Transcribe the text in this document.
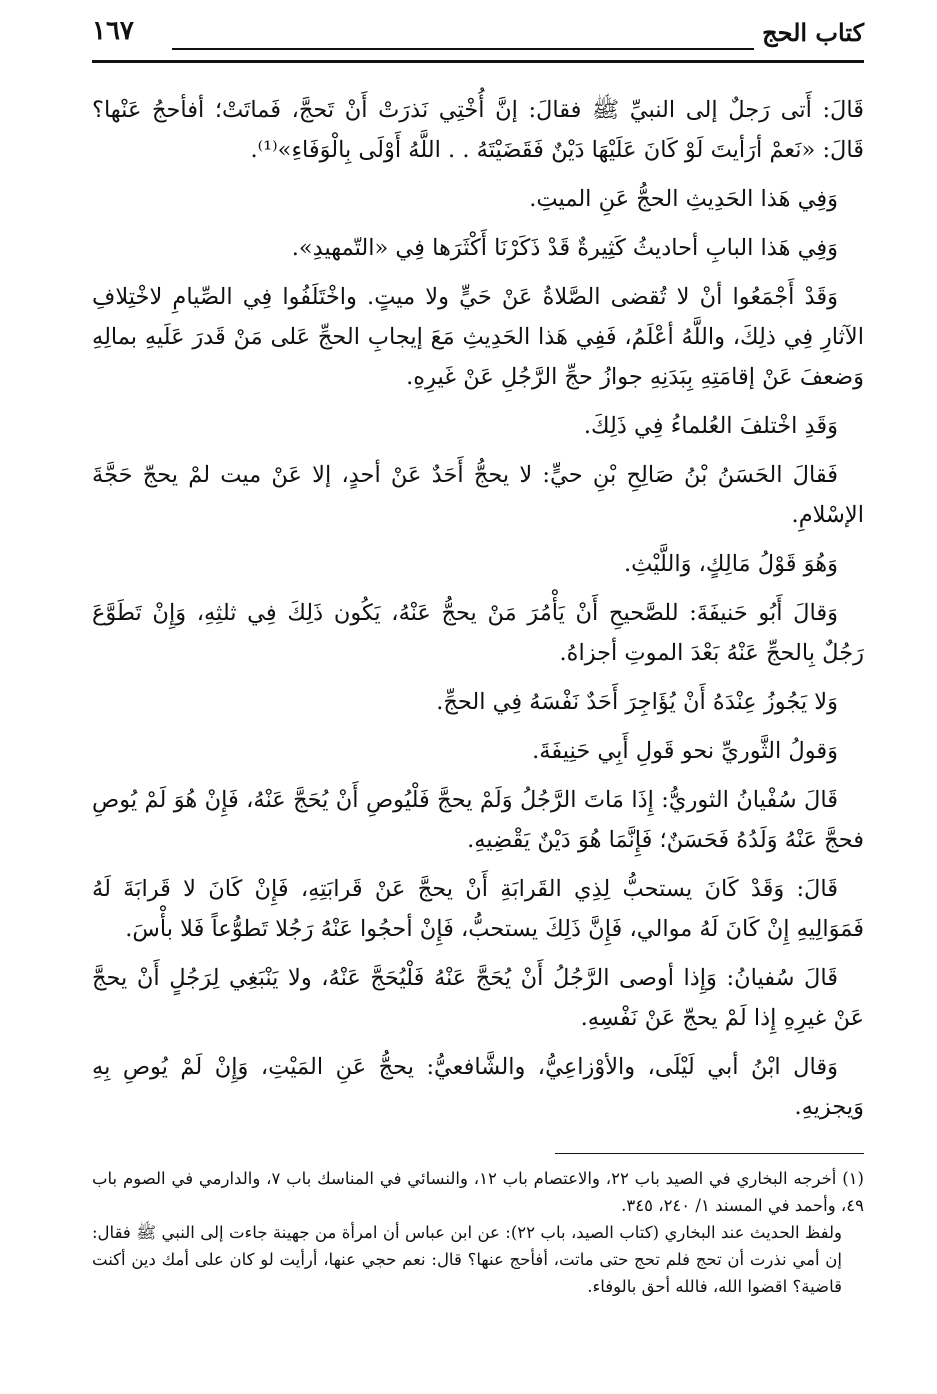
كتاب الحج
١٦٧

قَالَ: أَتى رَجلٌ إلى النبيِّ ﷺ فقالَ: إنَّ أُخْتِي نَذرَتْ أَنْ تَحجَّ، فَماتَتْ؛ أفأحجُ عَنْها؟ قَالَ: «نَعمْ أرَأيتَ لَوْ كَانَ عَلَيْهَا دَيْنٌ فَقَضَيْتَهُ . . اللَّهُ أَوْلَى بِالْوَفَاءِ»⁽¹⁾.

وَفِي هَذا الحَدِيثِ الحجُّ عَنِ الميتِ.

وَفِي هَذا البابِ أحاديثُ كَثِيرةٌ قَدْ ذَكَرْنَا أَكْثَرَها فِي «التّمهيدِ».

وَقَدْ أَجْمَعُوا أنْ لا تُقضى الصَّلاةُ عَنْ حَيٍّ ولا ميتٍ. واخْتَلَفُوا فِي الصِّيامِ لاخْتِلافِ الآثارِ فِي ذلِكَ، واللَّهُ أعْلَمُ، فَفِي هَذا الحَدِيثِ مَعَ إيجابِ الحجِّ عَلى مَنْ قَدرَ عَلَيهِ بمالِهِ وَضعفَ عَنْ إقامَتِهِ بِبَدَنِهِ جوازُ حجِّ الرَّجُلِ عَنْ غَيرِهِ.

وَقَدِ اخْتلفَ العُلماءُ فِي ذَلِكَ.

فَقالَ الحَسَنُ بْنُ صَالِحِ بْنِ حيٍّ: لا يحجُّ أَحَدٌ عَنْ أحدٍ، إلا عَنْ ميت لمْ يحجّ حَجَّةَ الإسْلامِ.

وَهُوَ قَوْلُ مَالِكٍ، وَاللَّيْثِ.

وَقالَ أَبُو حَنيفَةَ: للصَّحيحِ أَنْ يَأْمُرَ مَنْ يحجُّ عَنْهُ، يَكُون ذَلِكَ فِي ثلثِهِ، وَإِنْ تَطَوَّعَ رَجُلٌ بِالحجِّ عَنْهُ بَعْدَ الموتِ أجزاهُ.

وَلا يَجُوزُ عِنْدَهُ أَنْ يُؤَاجِرَ أَحَدٌ نَفْسَهُ فِي الحجِّ.

وَقولُ الثَّوريِّ نحو قَولِ أَبِي حَنِيفَةَ.

قَالَ سُفْيانُ الثوريُّ: إِذَا مَاتَ الرَّجُلُ وَلَمْ يحجَّ فَلْيُوصِ أَنْ يُحَجَّ عَنْهُ، فَإِنْ هُوَ لَمْ يُوصِ فحجَّ عَنْهُ وَلَدُهُ فَحَسَنٌ؛ فَإِنَّمَا هُوَ دَيْنٌ يَقْضِيهِ.

قَالَ: وَقَدْ كَانَ يستحبُّ لِذِي القَرابَةِ أَنْ يحجَّ عَنْ قَرابَتِهِ، فَإِنْ كَانَ لا قَرابَةَ لَهُ فَمَوَالِيهِ إِنْ كَانَ لَهُ موالي، فَإِنَّ ذَلِكَ يستحبُّ، فَإِنْ أحجُوا عَنْهُ رَجُلا تَطوُّعاً فَلا بأْسَ.

قَالَ سُفيانُ: وَإِذا أوصى الرَّجُلُ أَنْ يُحَجَّ عَنْهُ فَلْيُحَجَّ عَنْهُ، ولا يَنْبَغِي لِرَجُلٍ أَنْ يحجَّ عَنْ غيرِهِ إِذا لَمْ يحجّ عَنْ نَفْسِهِ.

وَقال ابْنُ أبي لَيْلَى، والأوْزاعِيُّ، والشَّافعيُّ: يحجُّ عَنِ المَيْتِ، وَإِنْ لَمْ يُوصِ بِهِ وَيجزيهِ.

(١) أخرجه البخاري في الصيد باب ٢٢، والاعتصام باب ١٢، والنسائي في المناسك باب ٧، والدارمي في الصوم باب ٤٩، وأحمد في المسند ١/ ٢٤٠، ٣٤٥.

ولفظ الحديث عند البخاري (كتاب الصيد، باب ٢٢): عن ابن عباس أن امرأة من جهينة جاءت إلى النبي ﷺ فقال: إن أمي نذرت أن تحج فلم تحج حتى ماتت، أفأحج عنها؟ قال: نعم حجي عنها، أرأيت لو كان على أمك دين أكنت قاضية؟ اقضوا الله، فالله أحق بالوفاء.
